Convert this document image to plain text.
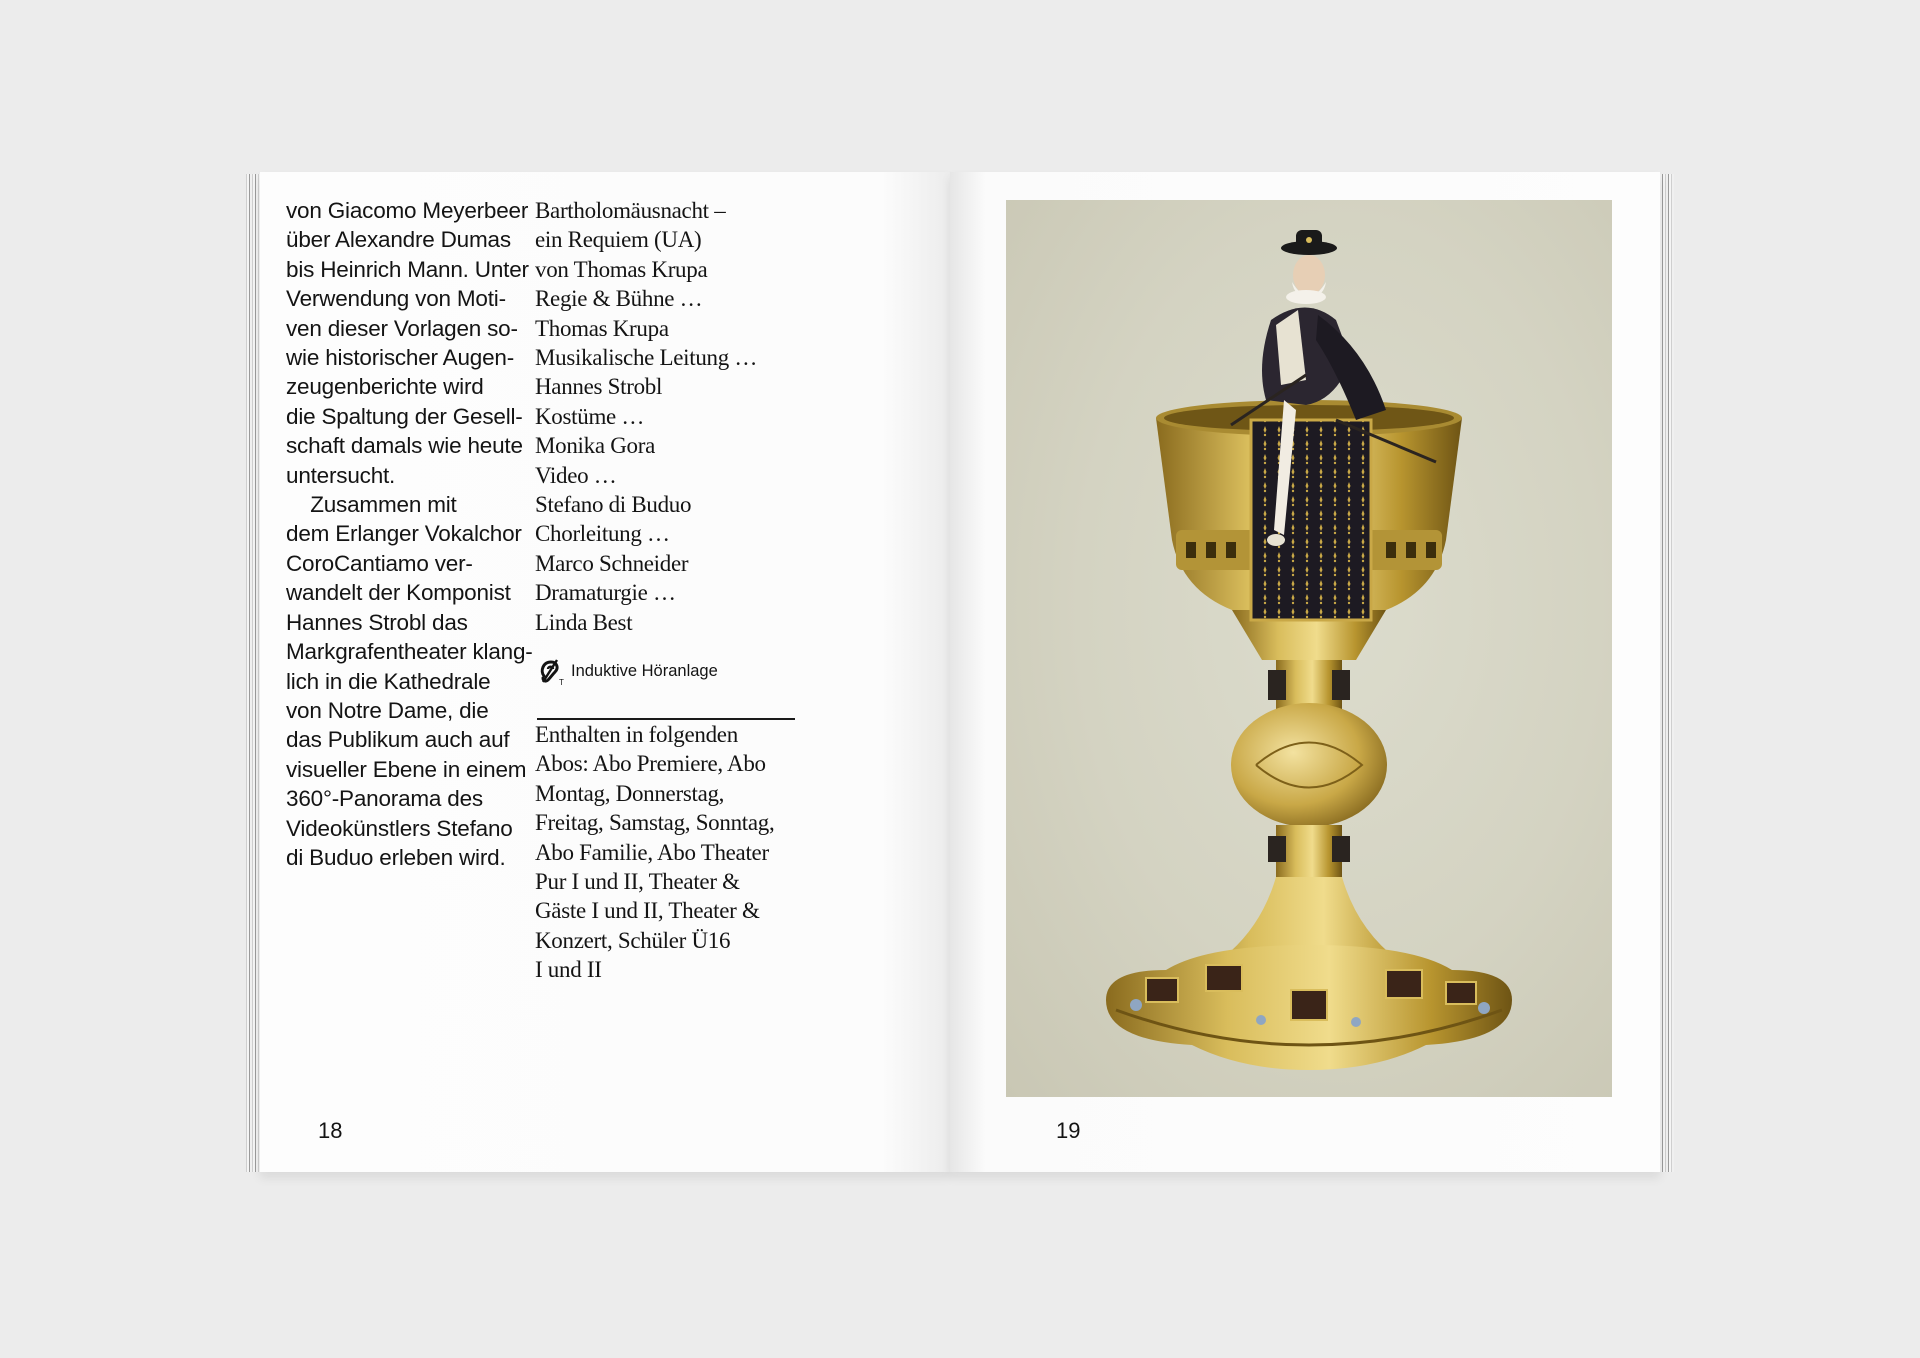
von Giacomo Meyerbeer
über Alexandre Dumas
bis Heinrich Mann. Unter
Verwendung von Moti-
ven dieser Vorlagen so-
wie historischer Augen-
zeugenberichte wird
die Spaltung der Gesell-
schaft damals wie heute
untersucht.
Zusammen mit
dem Erlanger Vokalchor
CoroCantiamo ver-
wandelt der Komponist
Hannes Strobl das
Markgrafentheater klang-
lich in die Kathedrale
von Notre Dame, die
das Publikum auch auf
visueller Ebene in einem
360°-Panorama des
Videokünstlers Stefano
di Buduo erleben wird.
Bartholomäusnacht –
ein Requiem (UA)
von Thomas Krupa
Regie & Bühne …
Thomas Krupa
Musikalische Leitung …
Hannes Strobl
Kostüme …
Monika Gora
Video …
Stefano di Buduo
Chorleitung …
Marco Schneider
Dramaturgie …
Linda Best
T
Induktive Höranlage
Enthalten in folgenden
Abos: Abo Premiere, Abo
Montag, Donnerstag,
Freitag, Samstag, Sonntag,
Abo Familie, Abo Theater
Pur I und II, Theater &
Gäste I und II, Theater &
Konzert, Schüler Ü16
I und II
18	19
